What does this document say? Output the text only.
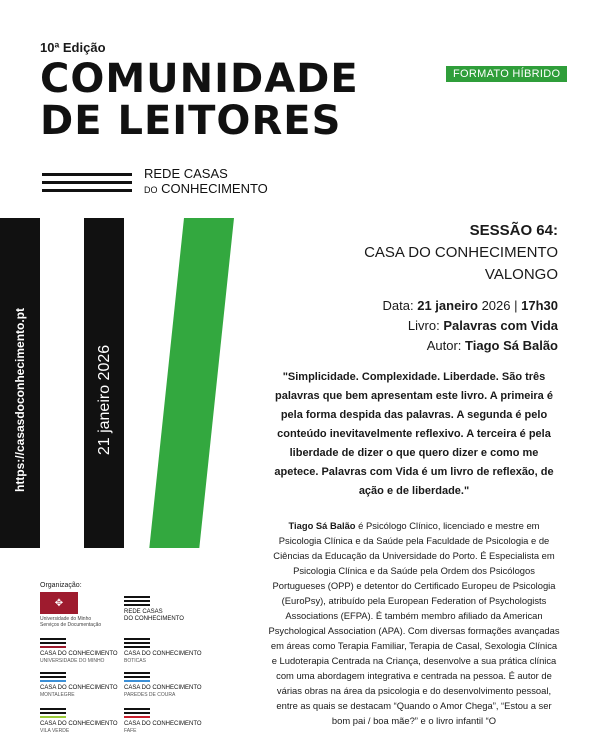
10ª Edição
COMUNIDADE
DE LEITORES
FORMATO HÍBRIDO
REDE CASAS
DO CONHECIMENTO
https://casasdoconhecimento.pt	21 janeiro 2026
SESSÃO 64:
CASA DO CONHECIMENTO
VALONGO
Data: 21 janeiro 2026 | 17h30
Livro: Palavras com Vida
Autor: Tiago Sá Balão
"Simplicidade. Complexidade. Liberdade. São três palavras que bem apresentam este livro. A primeira é pela forma despida das palavras. A segunda é pelo conteúdo inevitavelmente reflexivo. A terceira é pela liberdade de dizer o que quero dizer e como me apetece. Palavras com Vida é um livro de reflexão, de ação e de liberdade."
Tiago Sá Balão é Psicólogo Clínico, licenciado e mestre em Psicologia Clínica e da Saúde pela Faculdade de Psicologia e de Ciências da Educação da Universidade do Porto. É Especialista em Psicologia Clínica e da Saúde pela Ordem dos Psicólogos Portugueses (OPP) e detentor do Certificado Europeu de Psicologia (EuroPsy), atribuído pela European Federation of Psychologists Associations (EFPA). É também membro afiliado da American Psychological Association (APA). Com diversas formações avançadas em áreas como Terapia Familiar, Terapia de Casal, Sexologia Clínica e Ludoterapia Centrada na Criança, desenvolve a sua prática clínica com uma abordagem integrativa e centrada na pessoa. É autor de várias obras na área da psicologia e do desenvolvimento pessoal, entre as quais se destacam “Quando o Amor Chega”, “Estou a ser bom pai / boa mãe?” e o livro infantil “O
Organização:
✥
Universidade do Minho
Serviços de Documentação
REDE CASAS
DO CONHECIMENTO
CASA DO CONHECIMENTO
UNIVERSIDADE DO MINHO
CASA DO CONHECIMENTO
BOTICAS
CASA DO CONHECIMENTO
MONTALEGRE
CASA DO CONHECIMENTO
PAREDES DE COURA
CASA DO CONHECIMENTO
VILA VERDE
CASA DO CONHECIMENTO
FAFE
